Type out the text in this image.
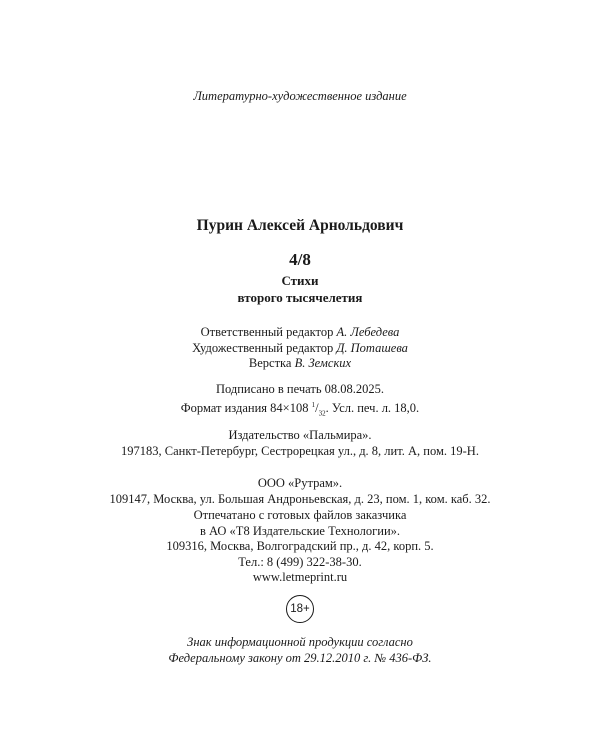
Литературно-художественное издание
Пурин Алексей Арнольдович
4/8
Стихи
второго тысячелетия
Ответственный редактор А. Лебедева
Художественный редактор Д. Поташева
Верстка В. Земских
Подписано в печать 08.08.2025.
Формат издания 84×108 $^1/_{32}$. Усл. печ. л. 18,0.
Издательство «Пальмира».
197183, Санкт-Петербург, Сестрорецкая ул., д. 8, лит. А, пом. 19-Н.
ООО «Рутрам».
109147, Москва, ул. Большая Андроньевская, д. 23, пом. 1, ком. каб. 32.
Отпечатано с готовых файлов заказчика
в АО «Т8 Издательские Технологии».
109316, Москва, Волгоградский пр., д. 42, корп. 5.
Тел.: 8 (499) 322-38-30.
www.letmeprint.ru
18+
Знак информационной продукции согласно
Федеральному закону от 29.12.2010 г. № 436-ФЗ.
